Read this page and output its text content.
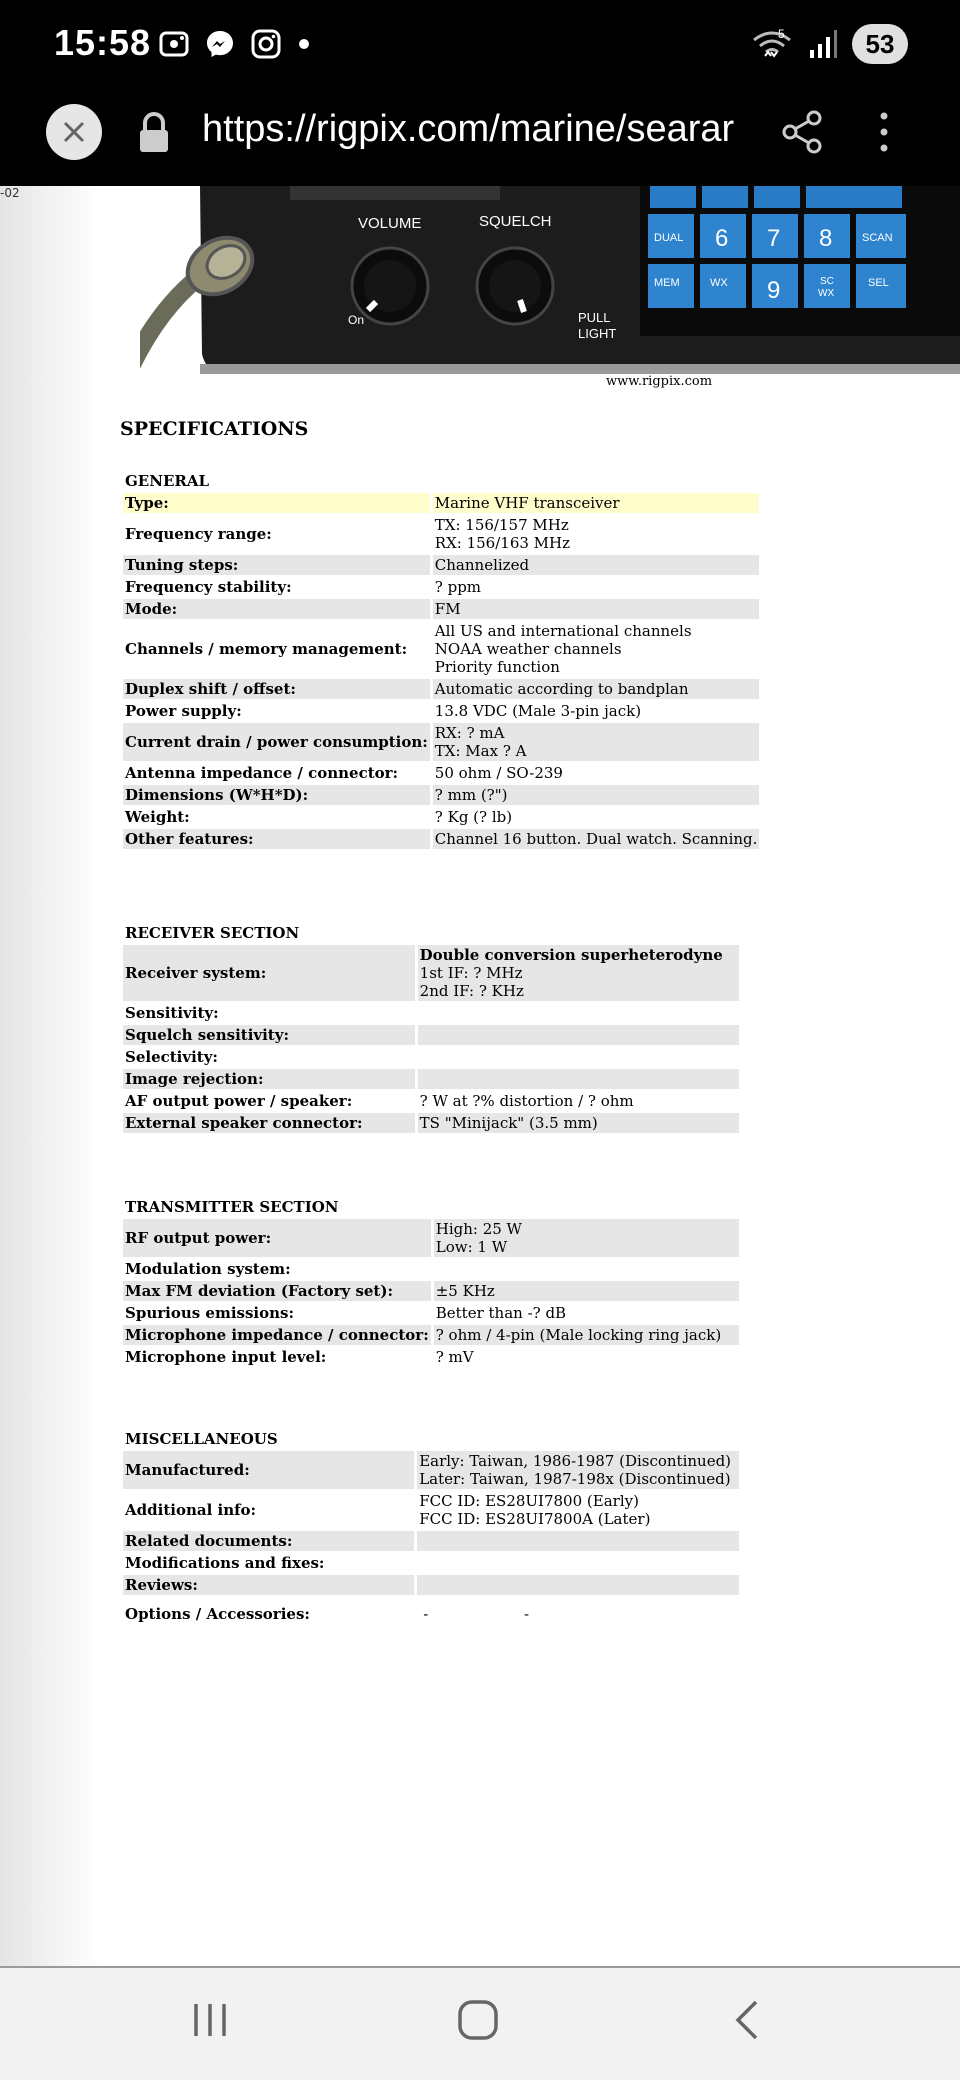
15:58	5	53
https://rigpix.com/marine/searar
-02
VOLUME	SQUELCH
On	PULL
LIGHT
DUAL 6 7 8	SCAN
MEM	WX 9	SC
WX
SEL
www.rigpix.com
SPECIFICATIONS
GENERAL	
Type:	Marine VHF transceiver

Frequency range:	TX: 156/157 MHz
RX: 156/163 MHz

Tuning steps:	Channelized

Frequency stability:	? ppm

Mode:	FM

Channels / memory management:	All US and international channels
NOAA weather channels
Priority function

Duplex shift / offset:	Automatic according to bandplan

Power supply:	13.8 VDC (Male 3-pin jack)

Current drain / power consumption:	RX: ? mA
TX: Max ? A

Antenna impedance / connector:	50 ohm / SO-239

Dimensions (W*H*D):	? mm (?")

Weight:	? Kg (? lb)

Other features:	Channel 16 button. Dual watch. Scanning.
RECEIVER SECTION	
Receiver system:	Double conversion superheterodyne
1st IF: ? MHz
2nd IF: ? KHz

Sensitivity:	

Squelch sensitivity:	

Selectivity:	

Image rejection:	

AF output power / speaker:	? W at ?% distortion / ? ohm

External speaker connector:	TS "Minijack" (3.5 mm)
TRANSMITTER SECTION	
RF output power:	High: 25 W
Low: 1 W

Modulation system:	

Max FM deviation (Factory set):	±5 KHz

Spurious emissions:	Better than -? dB

Microphone impedance / connector:	? ohm / 4-pin (Male locking ring jack)

Microphone input level:	? mV
MISCELLANEOUS	
Manufactured:	Early: Taiwan, 1986-1987 (Discontinued)
Later: Taiwan, 1987-198x (Discontinued)

Additional info:	FCC ID: ES28UI7800 (Early)
FCC ID: ES28UI7800A (Later)

Related documents:	

Modifications and fixes:	

Reviews:	

Options / Accessories:	- -
